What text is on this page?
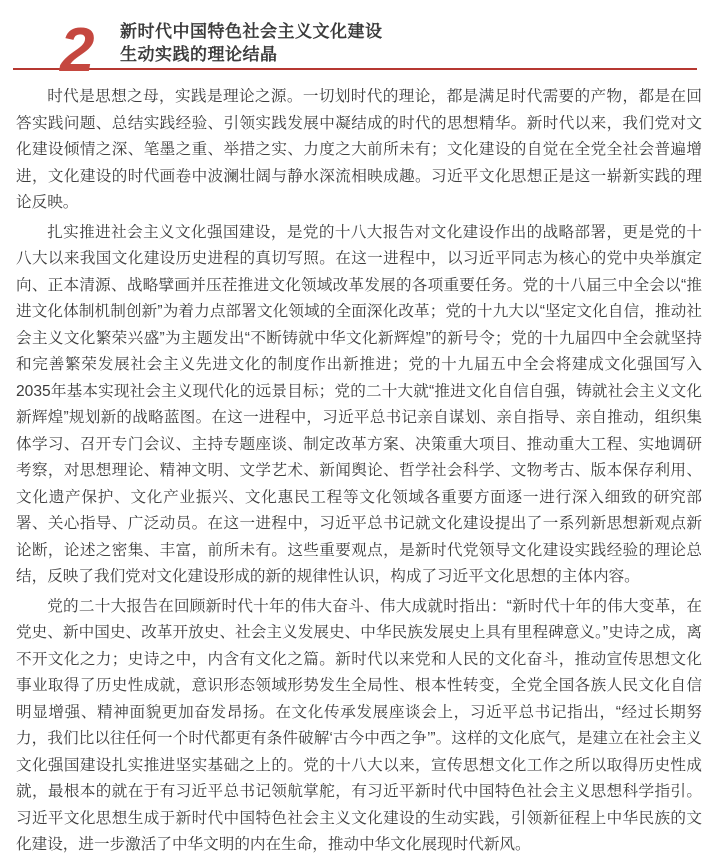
2 新时代中国特色社会主义文化建设
生动实践的理论结晶

时代是思想之母，实践是理论之源。一切划时代的理论，都是满足时代需要的产物，都是在回答实践问题、总结实践经验、引领实践发展中凝结成的时代的思想精华。新时代以来，我们党对文化建设倾情之深、笔墨之重、举措之实、力度之大前所未有；文化建设的自觉在全党全社会普遍增进，文化建设的时代画卷中波澜壮阔与静水深流相映成趣。习近平文化思想正是这一崭新实践的理论反映。

扎实推进社会主义文化强国建设，是党的十八大报告对文化建设作出的战略部署，更是党的十八大以来我国文化建设历史进程的真切写照。在这一进程中，以习近平同志为核心的党中央举旗定向、正本清源、战略擘画并压茬推进文化领域改革发展的各项重要任务。党的十八届三中全会以“推进文化体制机制创新”为着力点部署文化领域的全面深化改革；党的十九大以“坚定文化自信，推动社会主义文化繁荣兴盛”为主题发出“不断铸就中华文化新辉煌”的新号令；党的十九届四中全会就坚持和完善繁荣发展社会主义先进文化的制度作出新推进；党的十九届五中全会将建成文化强国写入2035年基本实现社会主义现代化的远景目标；党的二十大就“推进文化自信自强，铸就社会主义文化新辉煌”规划新的战略蓝图。在这一进程中，习近平总书记亲自谋划、亲自指导、亲自推动，组织集体学习、召开专门会议、主持专题座谈、制定改革方案、决策重大项目、推动重大工程、实地调研考察，对思想理论、精神文明、文学艺术、新闻舆论、哲学社会科学、文物考古、版本保存利用、文化遗产保护、文化产业振兴、文化惠民工程等文化领域各重要方面逐一进行深入细致的研究部署、关心指导、广泛动员。在这一进程中，习近平总书记就文化建设提出了一系列新思想新观点新论断，论述之密集、丰富，前所未有。这些重要观点，是新时代党领导文化建设实践经验的理论总结，反映了我们党对文化建设形成的新的规律性认识，构成了习近平文化思想的主体内容。

党的二十大报告在回顾新时代十年的伟大奋斗、伟大成就时指出：“新时代十年的伟大变革，在党史、新中国史、改革开放史、社会主义发展史、中华民族发展史上具有里程碑意义。”史诗之成，离不开文化之力；史诗之中，内含有文化之篇。新时代以来党和人民的文化奋斗，推动宣传思想文化事业取得了历史性成就，意识形态领域形势发生全局性、根本性转变，全党全国各族人民文化自信明显增强、精神面貌更加奋发昂扬。在文化传承发展座谈会上，习近平总书记指出，“经过长期努力，我们比以往任何一个时代都更有条件破解‘古今中西之争’”。这样的文化底气，是建立在社会主义文化强国建设扎实推进坚实基础之上的。党的十八大以来，宣传思想文化工作之所以取得历史性成就，最根本的就在于有习近平总书记领航掌舵，有习近平新时代中国特色社会主义思想科学指引。习近平文化思想生成于新时代中国特色社会主义文化建设的生动实践，引领新征程上中华民族的文化建设，进一步激活了中华文明的内在生命，推动中华文化展现时代新风。
